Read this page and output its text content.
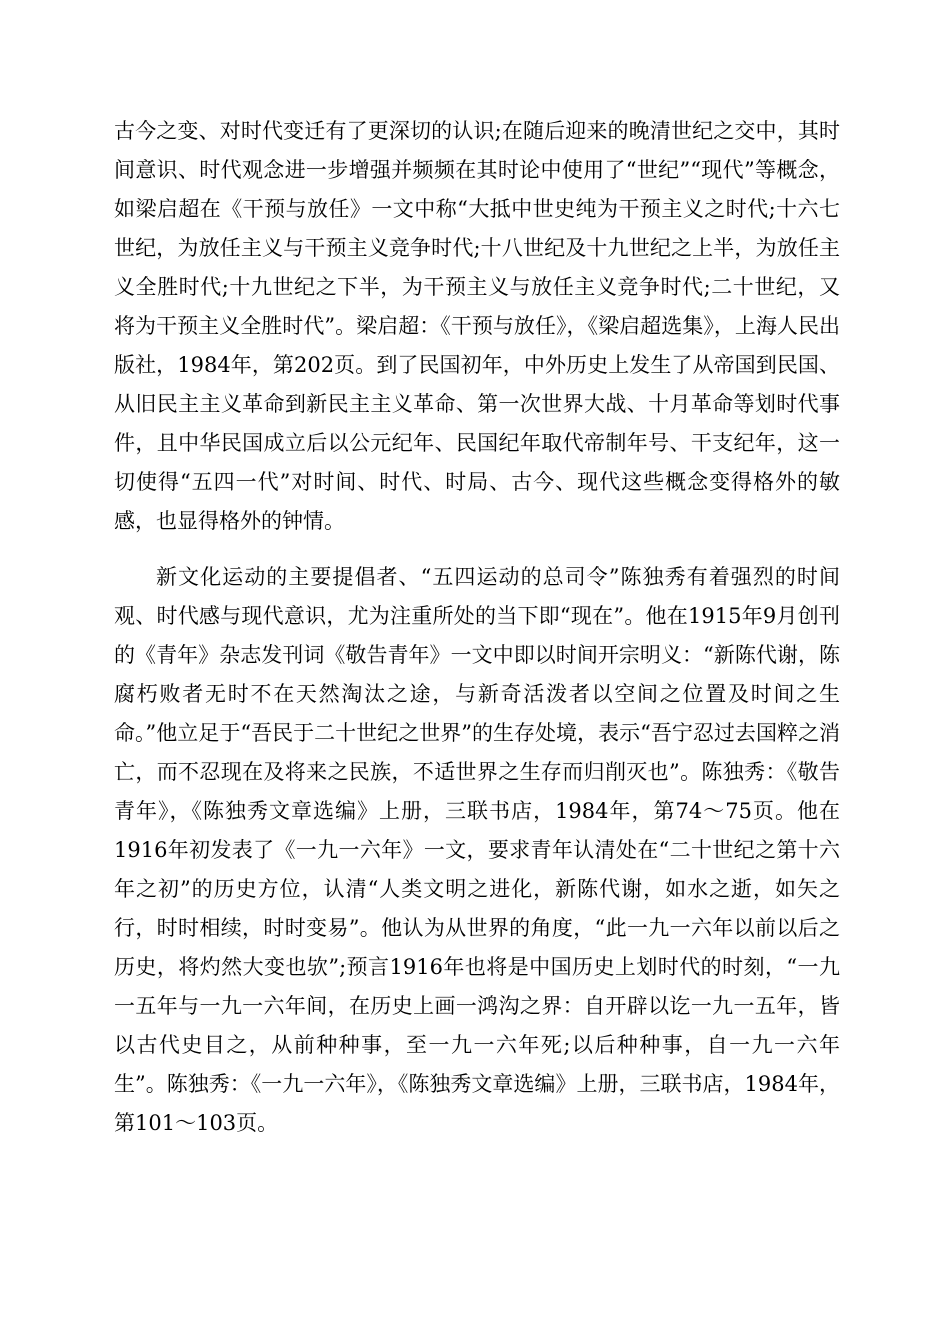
古今之变、对时代变迁有了更深切的认识;在随后迎来的晚清世纪之交中，其时间意识、时代观念进一步增强并频频在其时论中使用了“世纪”“现代”等概念，如梁启超在《干预与放任》一文中称“大抵中世史纯为干预主义之时代;十六七世纪，为放任主义与干预主义竞争时代;十八世纪及十九世纪之上半，为放任主义全胜时代;十九世纪之下半，为干预主义与放任主义竞争时代;二十世纪，又将为干预主义全胜时代”。梁启超：《干预与放任》，《梁启超选集》，上海人民出版社，1984年，第202页。到了民国初年，中外历史上发生了从帝国到民国、从旧民主主义革命到新民主主义革命、第一次世界大战、十月革命等划时代事件，且中华民国成立后以公元纪年、民国纪年取代帝制年号、干支纪年，这一切使得“五四一代”对时间、时代、时局、古今、现代这些概念变得格外的敏感，也显得格外的钟情。

新文化运动的主要提倡者、“五四运动的总司令”陈独秀有着强烈的时间观、时代感与现代意识，尤为注重所处的当下即“现在”。他在1915年9月创刊的《青年》杂志发刊词《敬告青年》一文中即以时间开宗明义：“新陈代谢，陈腐朽败者无时不在天然淘汰之途，与新奇活泼者以空间之位置及时间之生命。”他立足于“吾民于二十世纪之世界”的生存处境，表示“吾宁忍过去国粹之消亡，而不忍现在及将来之民族，不适世界之生存而归削灭也”。陈独秀：《敬告青年》，《陈独秀文章选编》上册，三联书店，1984年，第74～75页。他在1916年初发表了《一九一六年》一文，要求青年认清处在“二十世纪之第十六年之初”的历史方位，认清“人类文明之进化，新陈代谢，如水之逝，如矢之行，时时相续，时时变易”。他认为从世界的角度，“此一九一六年以前以后之历史，将灼然大变也欤”;预言1916年也将是中国历史上划时代的时刻，“一九一五年与一九一六年间，在历史上画一鸿沟之界：自开辟以讫一九一五年，皆以古代史目之，从前种种事，至一九一六年死;以后种种事，自一九一六年生”。陈独秀：《一九一六年》，《陈独秀文章选编》上册，三联书店，1984年，第101～103页。
